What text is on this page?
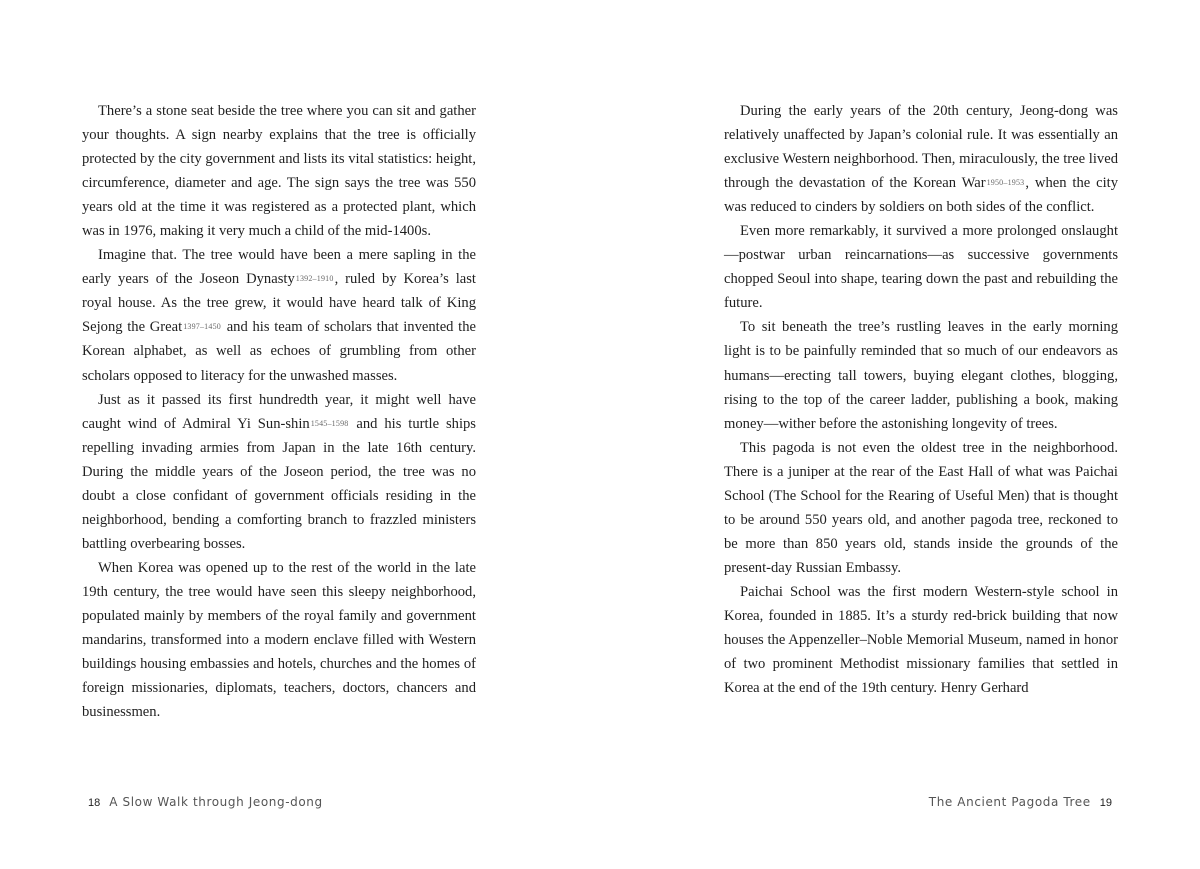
There’s a stone seat beside the tree where you can sit and gather your thoughts. A sign nearby explains that the tree is officially protected by the city government and lists its vital statistics: height, circumference, diameter and age. The sign says the tree was 550 years old at the time it was registered as a protected plant, which was in 1976, making it very much a child of the mid-1400s.

Imagine that. The tree would have been a mere sapling in the early years of the Joseon Dynasty1392–1910, ruled by Korea’s last royal house. As the tree grew, it would have heard talk of King Sejong the Great1397–1450 and his team of scholars that invented the Korean alphabet, as well as echoes of grumbling from other scholars opposed to literacy for the unwashed masses.

Just as it passed its first hundredth year, it might well have caught wind of Admiral Yi Sun-shin1545–1598 and his turtle ships repelling invading armies from Japan in the late 16th century. During the middle years of the Joseon period, the tree was no doubt a close confidant of government officials residing in the neighborhood, bending a comforting branch to frazzled ministers battling overbearing bosses.

When Korea was opened up to the rest of the world in the late 19th century, the tree would have seen this sleepy neighborhood, populated mainly by members of the royal family and government mandarins, transformed into a modern enclave filled with Western buildings housing embassies and hotels, churches and the homes of foreign missionaries, diplomats, teachers, doctors, chancers and businessmen.

18 A Slow Walk through Jeong-dong

During the early years of the 20th century, Jeong-dong was relatively unaffected by Japan’s colonial rule. It was essentially an exclusive Western neighborhood. Then, miraculously, the tree lived through the devastation of the Korean War1950–1953, when the city was reduced to cinders by soldiers on both sides of the conflict.

Even more remarkably, it survived a more prolonged onslaught—postwar urban reincarnations—as successive governments chopped Seoul into shape, tearing down the past and rebuilding the future.

To sit beneath the tree’s rustling leaves in the early morning light is to be painfully reminded that so much of our endeavors as humans—erecting tall towers, buying elegant clothes, blogging, rising to the top of the career ladder, publishing a book, making money—wither before the astonishing longevity of trees.

This pagoda is not even the oldest tree in the neighborhood. There is a juniper at the rear of the East Hall of what was Paichai School (The School for the Rearing of Useful Men) that is thought to be around 550 years old, and another pagoda tree, reckoned to be more than 850 years old, stands inside the grounds of the present-day Russian Embassy.

Paichai School was the first modern Western-style school in Korea, founded in 1885. It’s a sturdy red-brick building that now houses the Appenzeller–Noble Memorial Museum, named in honor of two prominent Methodist missionary families that settled in Korea at the end of the 19th century. Henry Gerhard

The Ancient Pagoda Tree 19
